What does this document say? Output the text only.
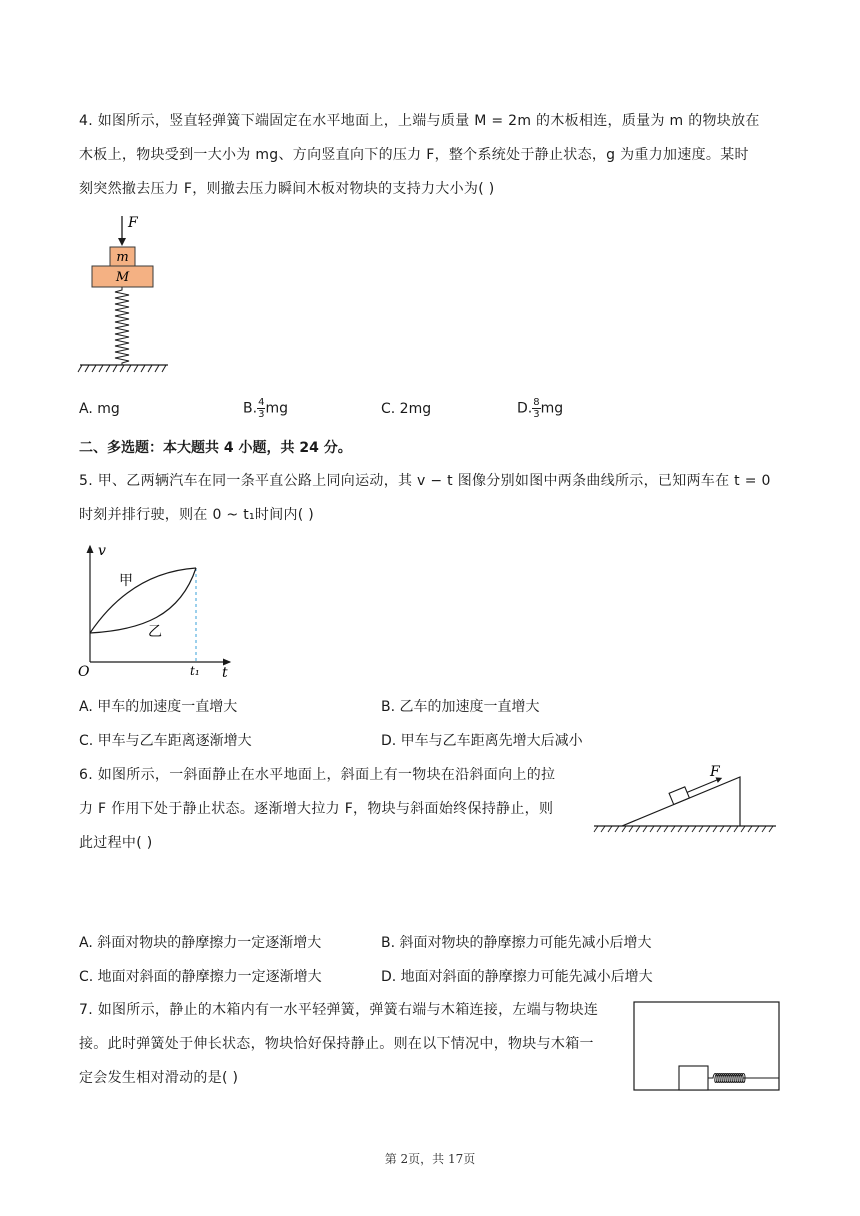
4. 如图所示，竖直轻弹簧下端固定在水平地面上，上端与质量 M = 2m 的木板相连，质量为 m 的物块放在
木板上，物块受到一大小为 mg、方向竖直向下的压力 F，整个系统处于静止状态，g 为重力加速度。某时
刻突然撤去压力 F，则撤去压力瞬间木板对物块的支持力大小为( )
F
m
M
A. mg	B. $\frac{4}{3}$ mg	C. 2mg	D. $\frac{8}{3}$ mg
二、多选题：本大题共 4 小题，共 24 分。
5. 甲、乙两辆汽车在同一条平直公路上同向运动，其 v − t 图像分别如图中两条曲线所示，已知两车在 t = 0
时刻并排行驶，则在 0 ~ t₁时间内( )
v
t
O	t₁
甲
乙
A. 甲车的加速度一直增大	B. 乙车的加速度一直增大
C. 甲车与乙车距离逐渐增大	D. 甲车与乙车距离先增大后减小
6. 如图所示，一斜面静止在水平地面上，斜面上有一物块在沿斜面向上的拉
力 F 作用下处于静止状态。逐渐增大拉力 F，物块与斜面始终保持静止，则
此过程中( )
F
A. 斜面对物块的静摩擦力一定逐渐增大	B. 斜面对物块的静摩擦力可能先减小后增大
C. 地面对斜面的静摩擦力一定逐渐增大	D. 地面对斜面的静摩擦力可能先减小后增大
7. 如图所示，静止的木箱内有一水平轻弹簧，弹簧右端与木箱连接，左端与物块连
接。此时弹簧处于伸长状态，物块恰好保持静止。则在以下情况中，物块与木箱一
定会发生相对滑动的是( )
第 2页，共 17页
